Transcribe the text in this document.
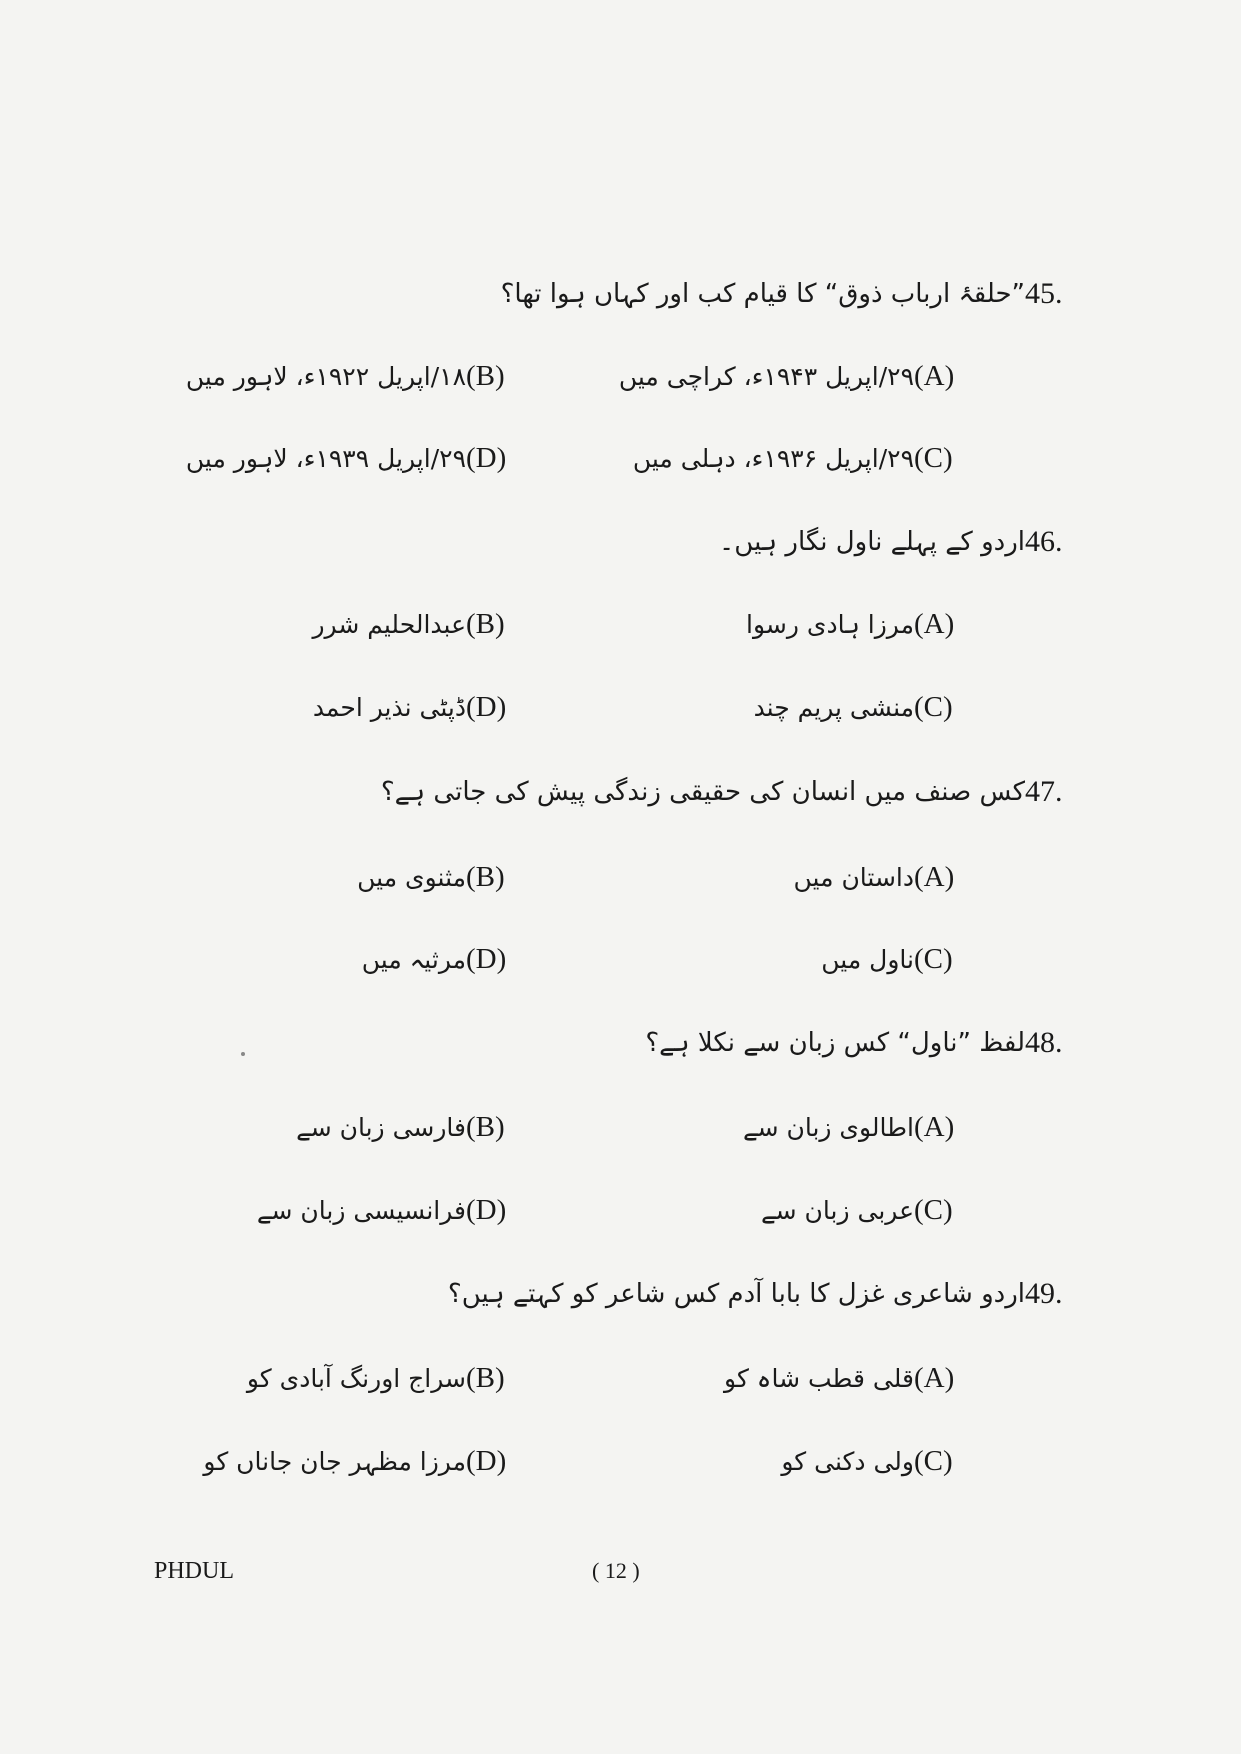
45.
”حلقۂ ارباب ذوق“ کا قیام کب اور کہاں ہوا تھا؟
(A)
۲۹/اپریل ۱۹۴۳ء، کراچی میں
(B)
۱۸/اپریل ۱۹۲۲ء، لاہور میں
(C)
۲۹/اپریل ۱۹۳۶ء، دہلی میں
(D)
۲۹/اپریل ۱۹۳۹ء، لاہور میں
46.
اردو کے پہلے ناول نگار ہیں۔
(A)
مرزا ہادی رسوا
(B)
عبدالحلیم شرر
(C)
منشی پریم چند
(D)
ڈپٹی نذیر احمد
47.
کس صنف میں انسان کی حقیقی زندگی پیش کی جاتی ہے؟
(A)
داستان میں
(B)
مثنوی میں
(C)
ناول میں
(D)
مرثیہ میں
48.
لفظ ”ناول“ کس زبان سے نکلا ہے؟
(A)
اطالوی زبان سے
(B)
فارسی زبان سے
(C)
عربی زبان سے
(D)
فرانسیسی زبان سے
49.
اردو شاعری غزل کا بابا آدم کس شاعر کو کہتے ہیں؟
(A)
قلی قطب شاہ کو
(B)
سراج اورنگ آبادی کو
(C)
ولی دکنی کو
(D)
مرزا مظہر جان جاناں کو
PHDUL	( 12 )
